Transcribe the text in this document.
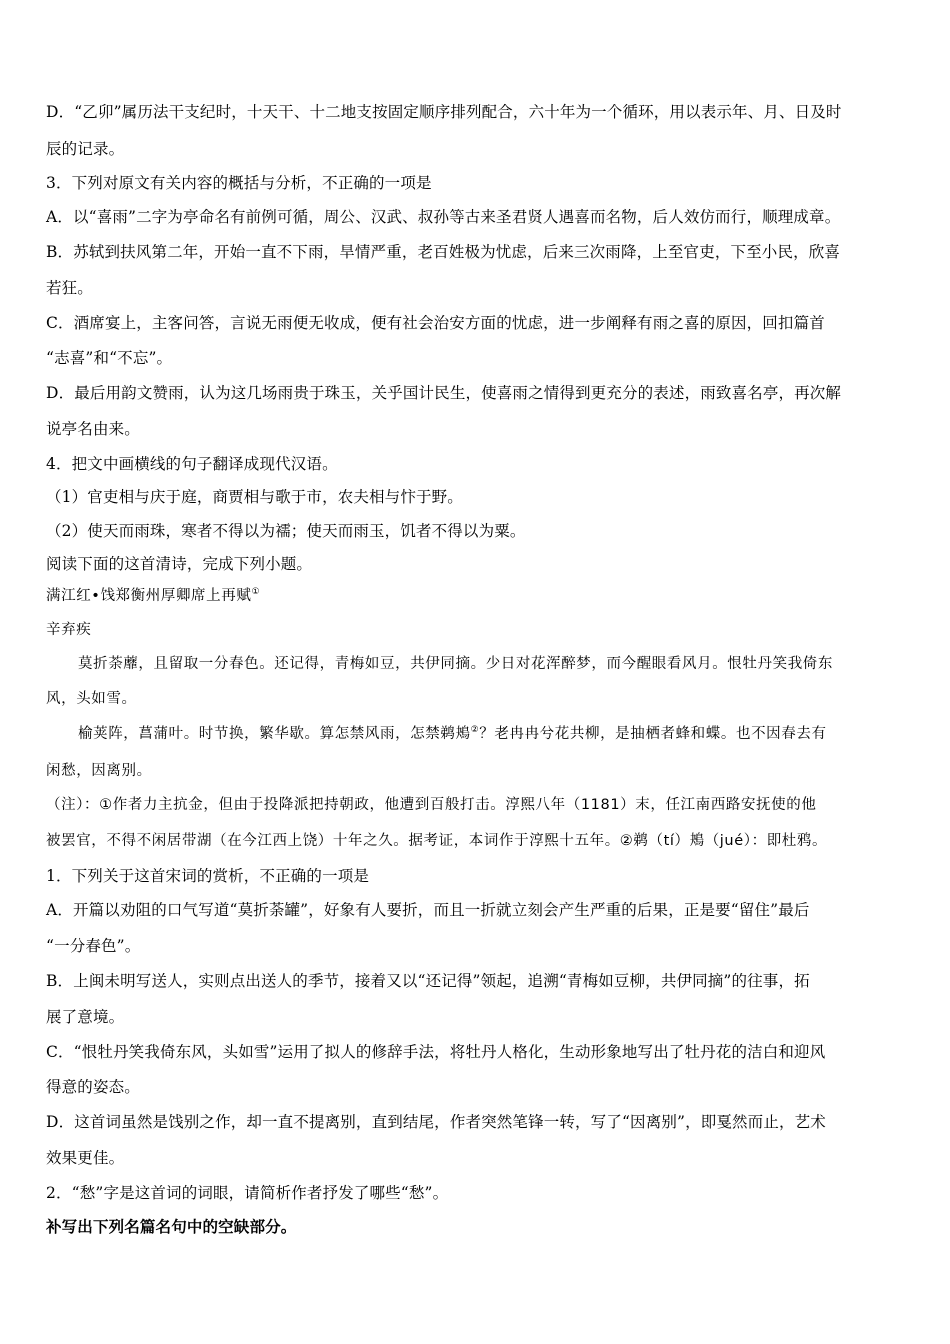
D．“乙卯”属历法干支纪时，十天干、十二地支按固定顺序排列配合，六十年为一个循环，用以表示年、月、日及时
辰的记录。
3．下列对原文有关内容的概括与分析，不正确的一项是
A．以“喜雨”二字为亭命名有前例可循，周公、汉武、叔孙等古来圣君贤人遇喜而名物，后人效仿而行，顺理成章。
B．苏轼到扶风第二年，开始一直不下雨，旱情严重，老百姓极为忧虑，后来三次雨降，上至官吏，下至小民，欣喜
若狂。
C．酒席宴上，主客问答，言说无雨便无收成，便有社会治安方面的忧虑，进一步阐释有雨之喜的原因，回扣篇首
“志喜”和“不忘”。
D．最后用韵文赞雨，认为这几场雨贵于珠玉，关乎国计民生，使喜雨之情得到更充分的表述，雨致喜名亭，再次解
说亭名由来。
4．把文中画横线的句子翻译成现代汉语。
（1）官吏相与庆于庭，商贾相与歌于市，农夫相与忭于野。
（2）使天而雨珠，寒者不得以为襦；使天而雨玉，饥者不得以为粟。
阅读下面的这首清诗，完成下列小题。
满江红•饯郑衡州厚卿席上再赋①
辛弃疾
莫折荼蘼，且留取一分春色。还记得，青梅如豆，共伊同摘。少日对花浑醉梦，而今醒眼看风月。恨牡丹笑我倚东
风，头如雪。
榆荚阵，菖蒲叶。时节换，繁华歇。算怎禁风雨，怎禁鹈鴂②？老冉冉兮花共柳，是抽栖者蜂和蝶。也不因春去有
闲愁，因离别。
（注）：①作者力主抗金，但由于投降派把持朝政，他遭到百般打击。淳熙八年（1181）末，任江南西路安抚使的他
被罢官，不得不闲居带湖（在今江西上饶）十年之久。据考证，本词作于淳熙十五年。②鹈（tí）鴂（jué）：即杜鸦。
1．下列关于这首宋词的赏析，不正确的一项是
A．开篇以劝阻的口气写道“莫折荼罐”，好象有人要折，而且一折就立刻会产生严重的后果，正是要“留住”最后
“一分春色”。
B．上闽未明写送人，实则点出送人的季节，接着又以“还记得”领起，追溯“青梅如豆柳，共伊同摘”的往事，拓
展了意境。
C．“恨牡丹笑我倚东风，头如雪”运用了拟人的修辞手法，将牡丹人格化，生动形象地写出了牡丹花的洁白和迎风
得意的姿态。
D．这首词虽然是饯别之作，却一直不提离别，直到结尾，作者突然笔锋一转，写了“因离别”，即戛然而止，艺术
效果更佳。
2．“愁”字是这首词的词眼，请简析作者抒发了哪些“愁”。
补写出下列名篇名句中的空缺部分。
